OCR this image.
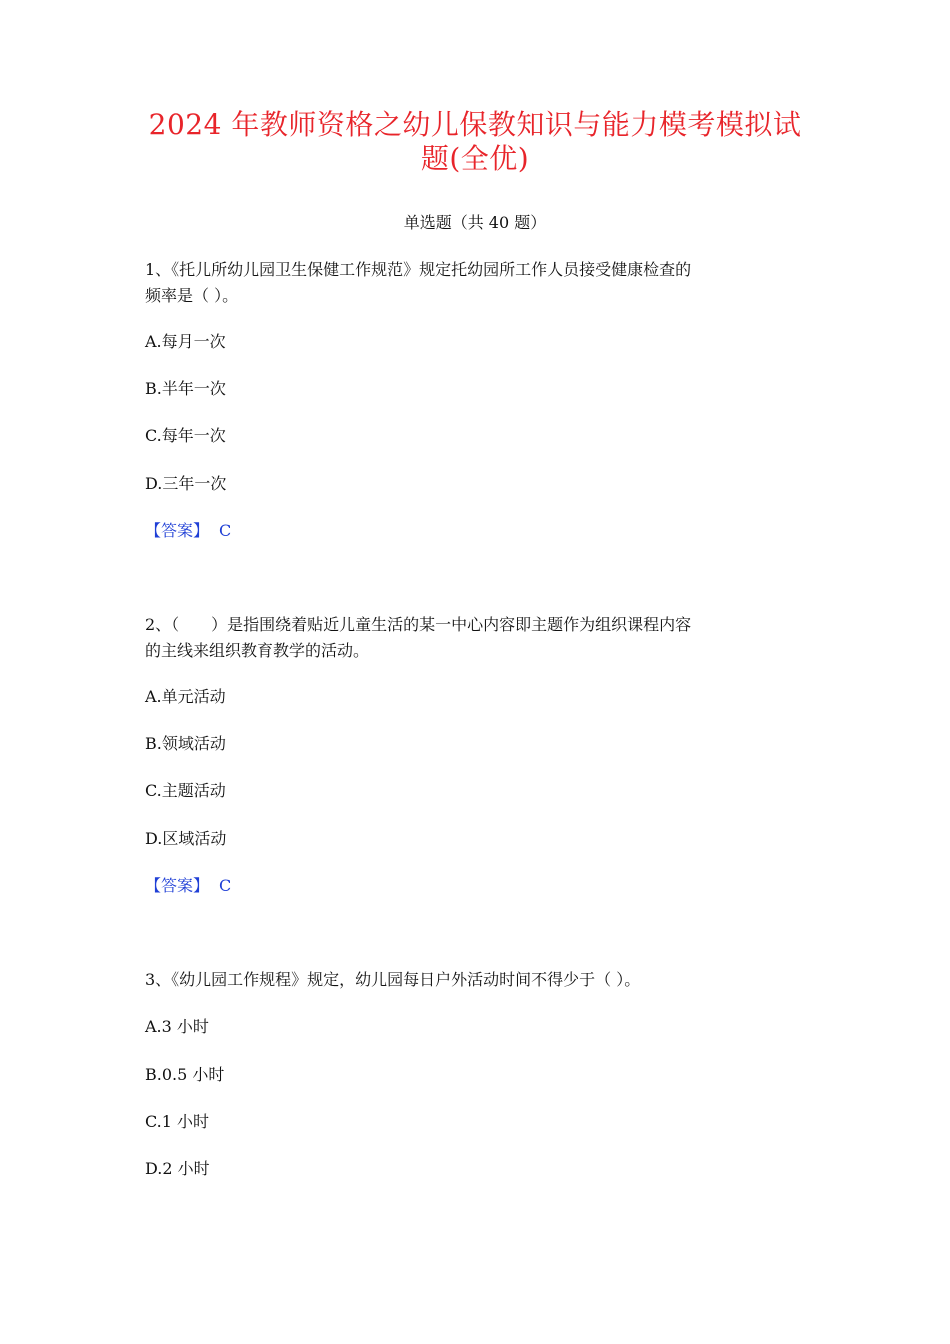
2024 年教师资格之幼儿保教知识与能力模考模拟试
题(全优)
单选题（共 40 题）
1、《托儿所幼儿园卫生保健工作规范》规定托幼园所工作人员接受健康检查的
频率是（ ）。
A.每月一次
B.半年一次
C.每年一次
D.三年一次
【答案】 C
2、（　　）是指围绕着贴近儿童生活的某一中心内容即主题作为组织课程内容
的主线来组织教育教学的活动。
A.单元活动
B.领域活动
C.主题活动
D.区域活动
【答案】 C
3、《幼儿园工作规程》规定，幼儿园每日户外活动时间不得少于（ ）。
A.3 小时
B.0.5 小时
C.1 小时
D.2 小时
